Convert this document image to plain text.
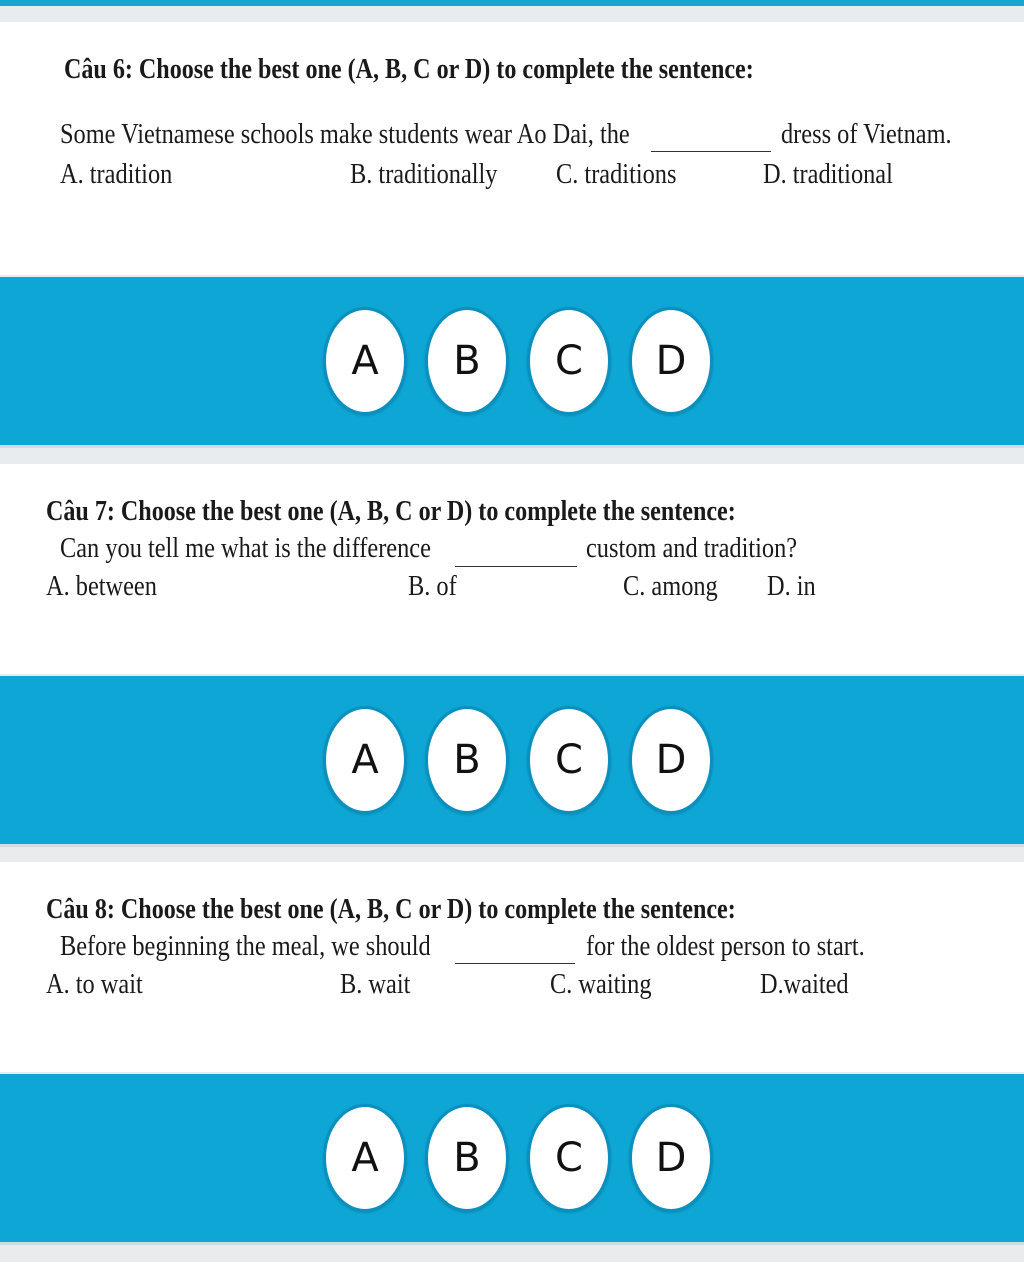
Câu 6: Choose the best one (A, B, C or D) to complete the sentence:
Some Vietnamese schools make students wear Ao Dai, the	dress of Vietnam.
A. tradition	B. traditionally C. traditions	D. traditional
A	B	C	D
Câu 7: Choose the best one (A, B, C or D) to complete the sentence:
Can you tell me what is the difference	custom and tradition?
A. between	B. of	C. among D. in
A	B	C	D
Câu 8: Choose the best one (A, B, C or D) to complete the sentence:
Before beginning the meal, we should	for the oldest person to start.
A. to wait	B. wait	C. waiting	D.waited
A	B	C	D
